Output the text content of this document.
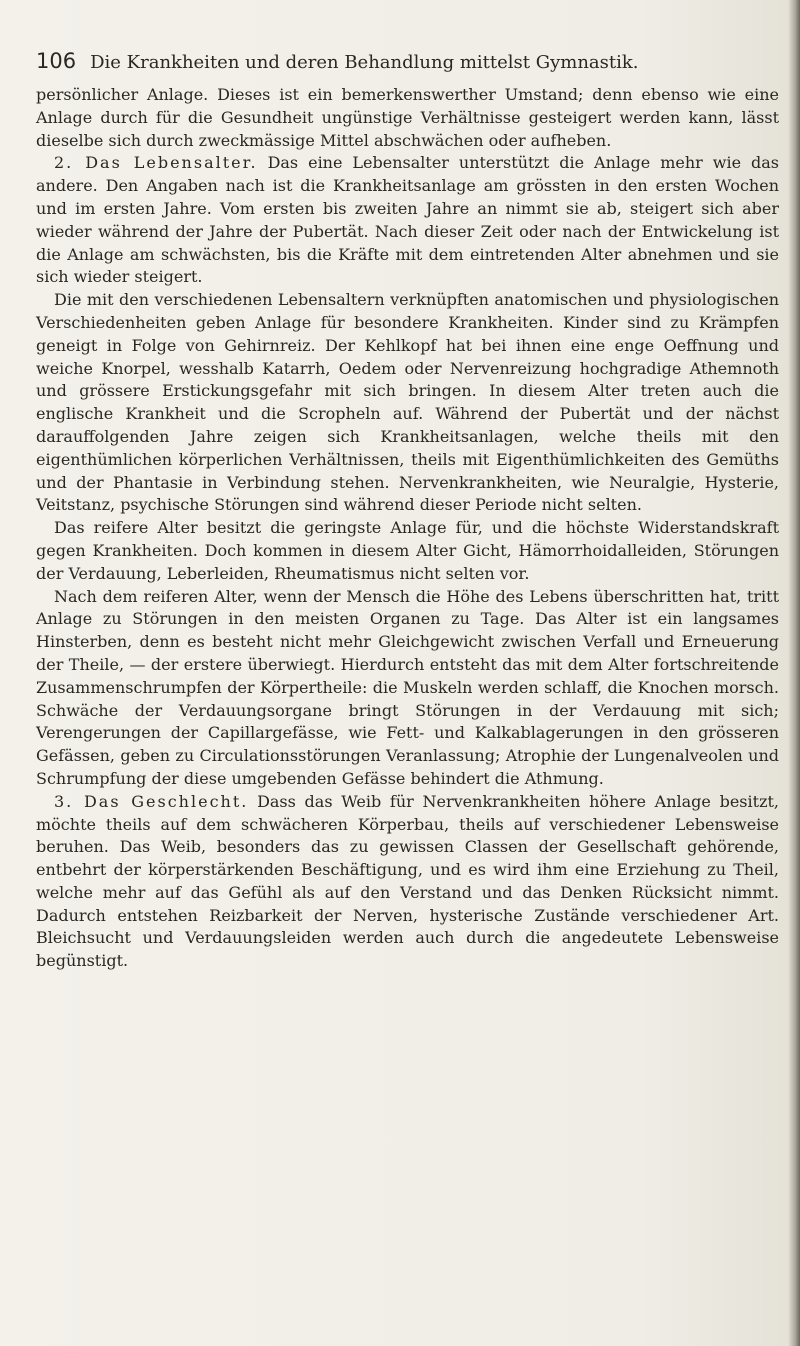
106 Die Krankheiten und deren Behandlung mittelst Gymnastik.

persönlicher Anlage. Dieses ist ein bemerkenswerther Umstand; denn ebenso wie eine Anlage durch für die Gesundheit ungünstige Verhältnisse gesteigert werden kann, lässt dieselbe sich durch zweckmässige Mittel abschwächen oder aufheben.

2. Das Lebensalter. Das eine Lebensalter unterstützt die Anlage mehr wie das andere. Den Angaben nach ist die Krankheitsanlage am grössten in den ersten Wochen und im ersten Jahre. Vom ersten bis zweiten Jahre an nimmt sie ab, steigert sich aber wieder während der Jahre der Pubertät. Nach dieser Zeit oder nach der Entwickelung ist die Anlage am schwächsten, bis die Kräfte mit dem eintretenden Alter abnehmen und sie sich wieder steigert.

Die mit den verschiedenen Lebensaltern verknüpften anatomischen und physiologischen Verschiedenheiten geben Anlage für besondere Krankheiten. Kinder sind zu Krämpfen geneigt in Folge von Gehirnreiz. Der Kehlkopf hat bei ihnen eine enge Oeffnung und weiche Knorpel, wesshalb Katarrh, Oedem oder Nervenreizung hochgradige Athemnoth und grössere Erstickungsgefahr mit sich bringen. In diesem Alter treten auch die englische Krankheit und die Scropheln auf. Während der Pubertät und der nächst darauffolgenden Jahre zeigen sich Krankheitsanlagen, welche theils mit den eigenthümlichen körperlichen Verhältnissen, theils mit Eigenthümlichkeiten des Gemüths und der Phantasie in Verbindung stehen. Nervenkrankheiten, wie Neuralgie, Hysterie, Veitstanz, psychische Störungen sind während dieser Periode nicht selten.

Das reifere Alter besitzt die geringste Anlage für, und die höchste Widerstandskraft gegen Krankheiten. Doch kommen in diesem Alter Gicht, Hämorrhoidalleiden, Störungen der Verdauung, Leberleiden, Rheumatismus nicht selten vor.

Nach dem reiferen Alter, wenn der Mensch die Höhe des Lebens überschritten hat, tritt Anlage zu Störungen in den meisten Organen zu Tage. Das Alter ist ein langsames Hinsterben, denn es besteht nicht mehr Gleichgewicht zwischen Verfall und Erneuerung der Theile, — der erstere überwiegt. Hierdurch entsteht das mit dem Alter fortschreitende Zusammenschrumpfen der Körpertheile: die Muskeln werden schlaff, die Knochen morsch. Schwäche der Verdauungsorgane bringt Störungen in der Verdauung mit sich; Verengerungen der Capillargefässe, wie Fett- und Kalkablagerungen in den grösseren Gefässen, geben zu Circulationsstörungen Veranlassung; Atrophie der Lungenalveolen und Schrumpfung der diese umgebenden Gefässe behindert die Athmung.

3. Das Geschlecht. Dass das Weib für Nervenkrankheiten höhere Anlage besitzt, möchte theils auf dem schwächeren Körperbau, theils auf verschiedener Lebensweise beruhen. Das Weib, besonders das zu gewissen Classen der Gesellschaft gehörende, entbehrt der körperstärkenden Beschäftigung, und es wird ihm eine Erziehung zu Theil, welche mehr auf das Gefühl als auf den Verstand und das Denken Rücksicht nimmt. Dadurch entstehen Reizbarkeit der Nerven, hysterische Zustände verschiedener Art. Bleichsucht und Verdauungsleiden werden auch durch die angedeutete Lebensweise begünstigt.
